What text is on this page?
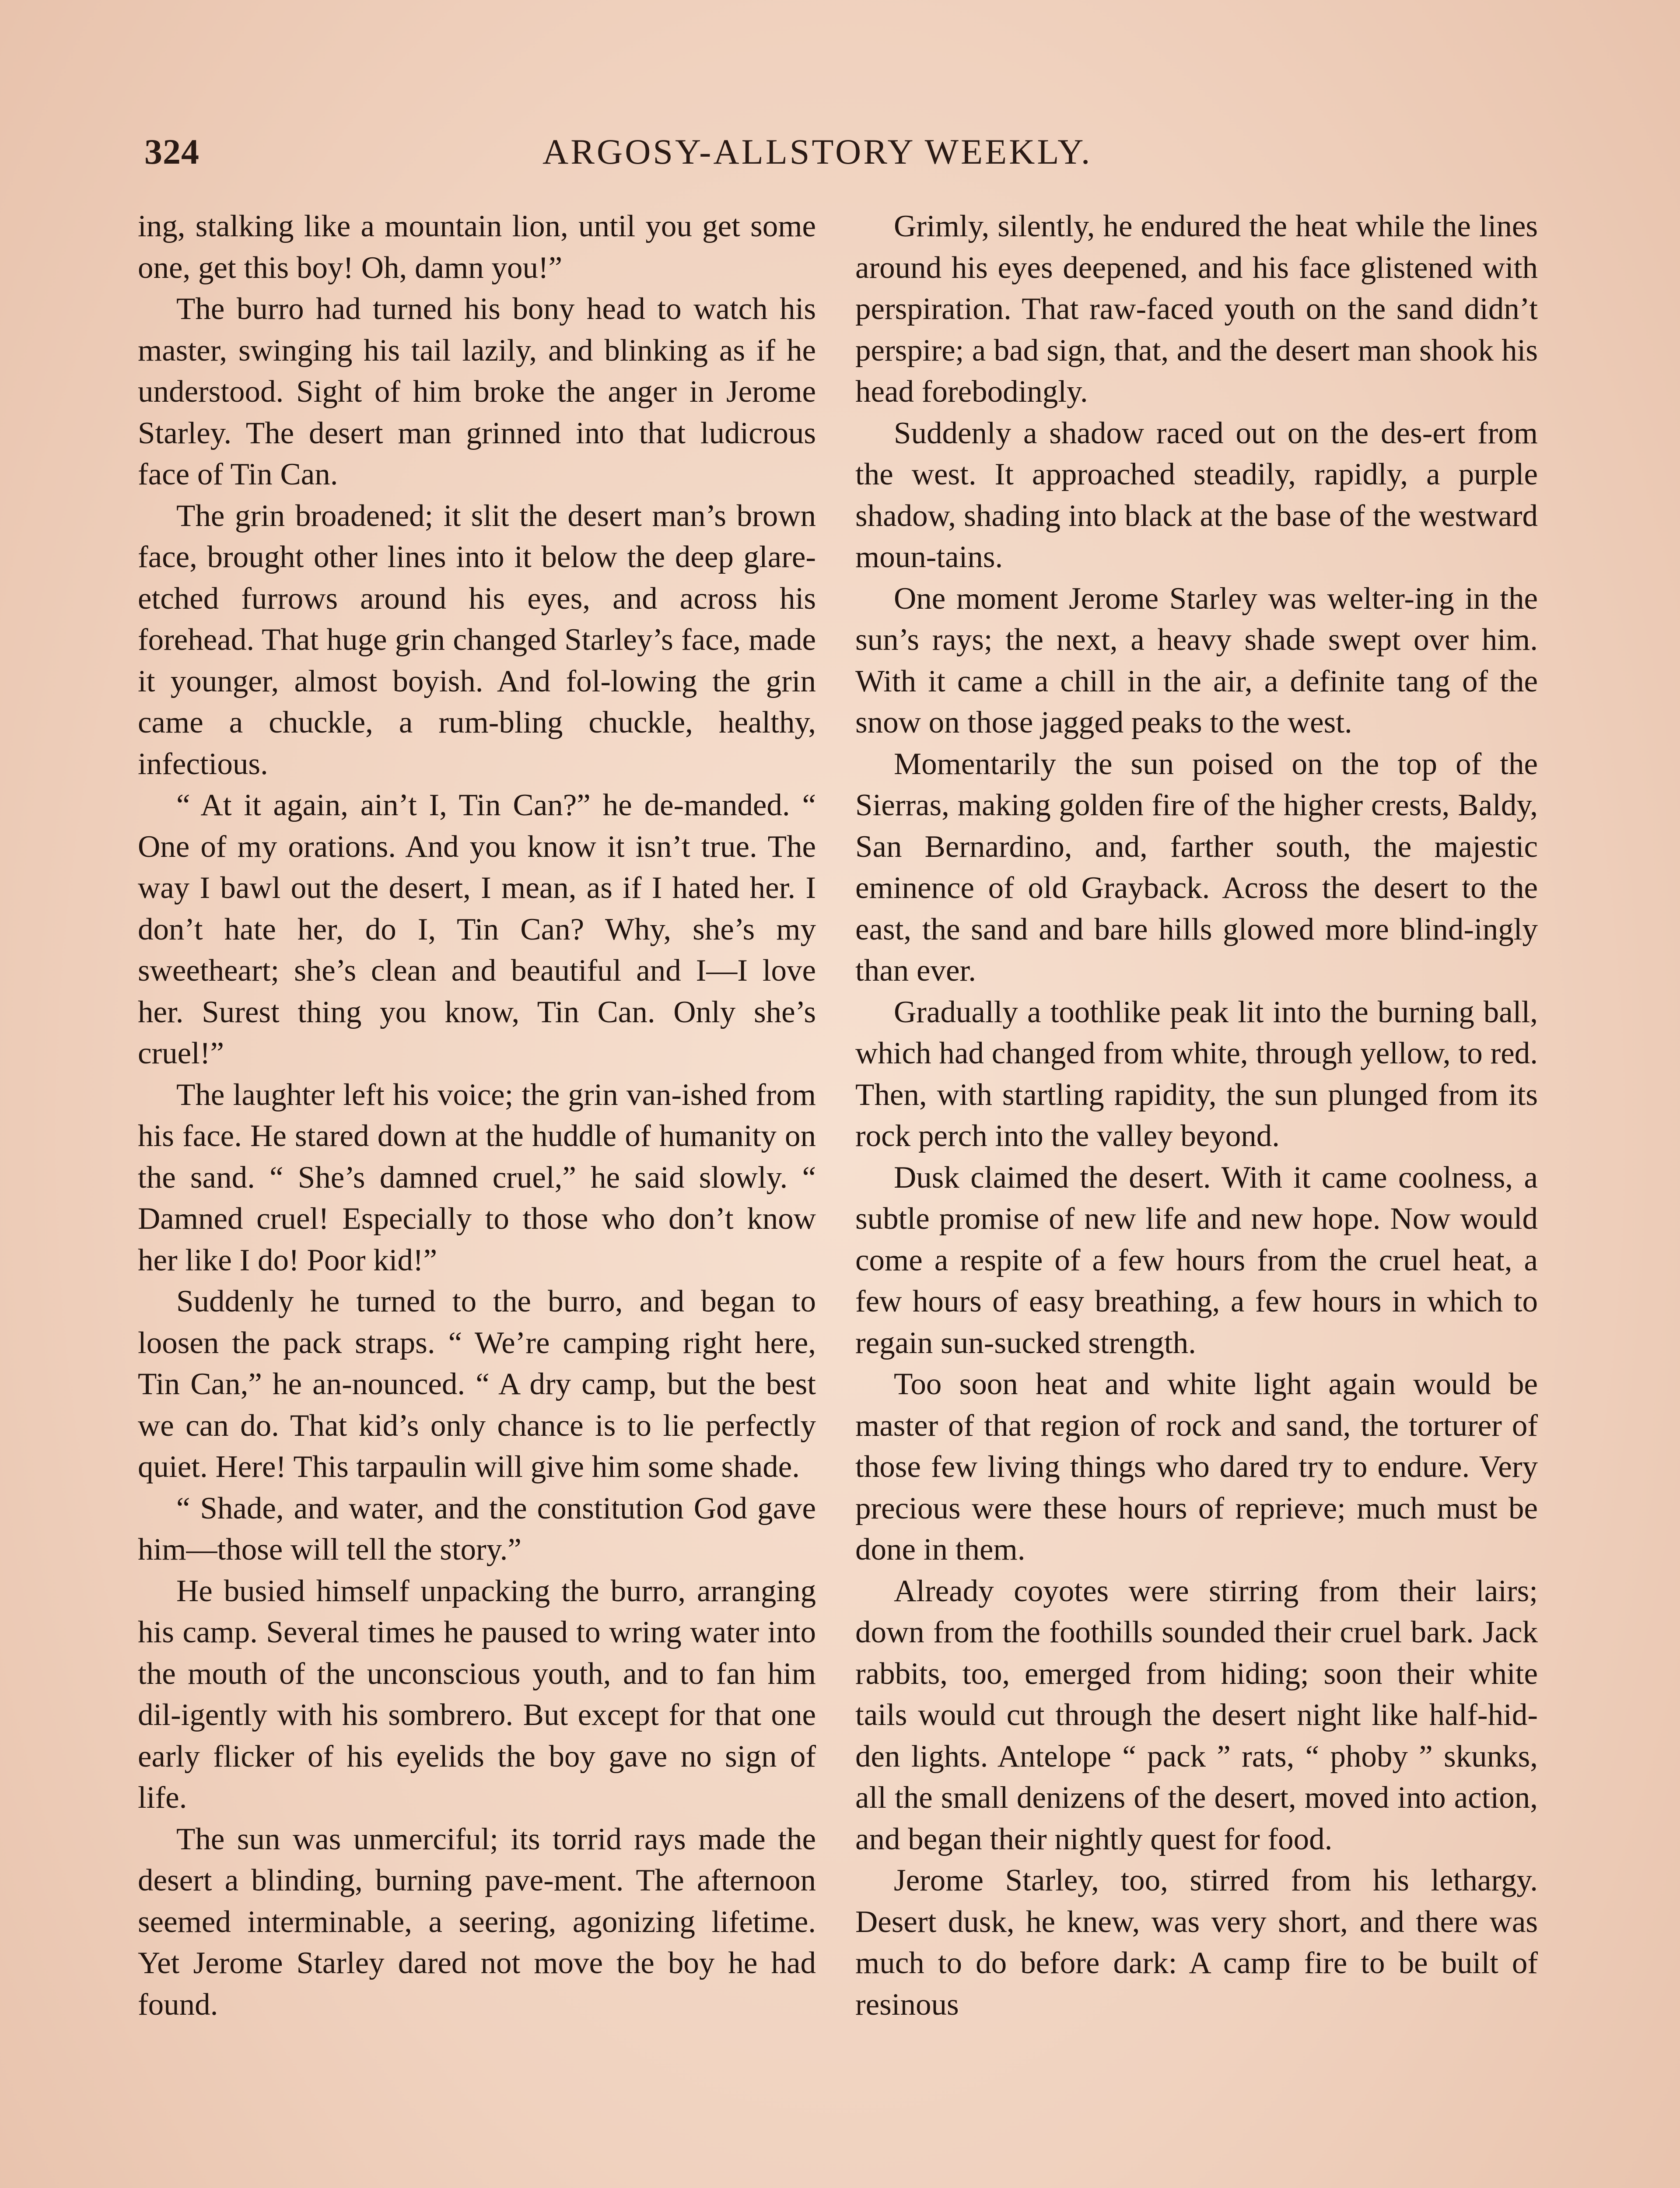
324	ARGOSY-ALLSTORY WEEKLY.

ing, stalking like a mountain lion, until you get some one, get this boy! Oh, damn you!”

The burro had turned his bony head to watch his master, swinging his tail lazily, and blinking as if he understood. Sight of him broke the anger in Jerome Starley. The desert man grinned into that ludicrous face of Tin Can.

The grin broadened; it slit the desert man’s brown face, brought other lines into it below the deep glare-etched furrows around his eyes, and across his forehead. That huge grin changed Starley’s face, made it younger, almost boyish. And fol-lowing the grin came a chuckle, a rum-bling chuckle, healthy, infectious.

“ At it again, ain’t I, Tin Can?” he de-manded. “ One of my orations. And you know it isn’t true. The way I bawl out the desert, I mean, as if I hated her. I don’t hate her, do I, Tin Can? Why, she’s my sweetheart; she’s clean and beautiful and I—I love her. Surest thing you know, Tin Can. Only she’s cruel!”

The laughter left his voice; the grin van-ished from his face. He stared down at the huddle of humanity on the sand. “ She’s damned cruel,” he said slowly. “ Damned cruel! Especially to those who don’t know her like I do! Poor kid!”

Suddenly he turned to the burro, and began to loosen the pack straps. “ We’re camping right here, Tin Can,” he an-nounced. “ A dry camp, but the best we can do. That kid’s only chance is to lie perfectly quiet. Here! This tarpaulin will give him some shade.

“ Shade, and water, and the constitution God gave him—those will tell the story.”

He busied himself unpacking the burro, arranging his camp. Several times he paused to wring water into the mouth of the unconscious youth, and to fan him dil-igently with his sombrero. But except for that one early flicker of his eyelids the boy gave no sign of life.

The sun was unmerciful; its torrid rays made the desert a blinding, burning pave-ment. The afternoon seemed interminable, a seering, agonizing lifetime. Yet Jerome Starley dared not move the boy he had found.

Grimly, silently, he endured the heat while the lines around his eyes deepened, and his face glistened with perspiration. That raw-faced youth on the sand didn’t perspire; a bad sign, that, and the desert man shook his head forebodingly.

Suddenly a shadow raced out on the des-ert from the west. It approached steadily, rapidly, a purple shadow, shading into black at the base of the westward moun-tains.

One moment Jerome Starley was welter-ing in the sun’s rays; the next, a heavy shade swept over him. With it came a chill in the air, a definite tang of the snow on those jagged peaks to the west.

Momentarily the sun poised on the top of the Sierras, making golden fire of the higher crests, Baldy, San Bernardino, and, farther south, the majestic eminence of old Grayback. Across the desert to the east, the sand and bare hills glowed more blind-ingly than ever.

Gradually a toothlike peak lit into the burning ball, which had changed from white, through yellow, to red. Then, with startling rapidity, the sun plunged from its rock perch into the valley beyond.

Dusk claimed the desert. With it came coolness, a subtle promise of new life and new hope. Now would come a respite of a few hours from the cruel heat, a few hours of easy breathing, a few hours in which to regain sun-sucked strength.

Too soon heat and white light again would be master of that region of rock and sand, the torturer of those few living things who dared try to endure. Very precious were these hours of reprieve; much must be done in them.

Already coyotes were stirring from their lairs; down from the foothills sounded their cruel bark. Jack rabbits, too, emerged from hiding; soon their white tails would cut through the desert night like half-hid-den lights. Antelope “ pack ” rats, “ phoby ” skunks, all the small denizens of the desert, moved into action, and began their nightly quest for food.

Jerome Starley, too, stirred from his lethargy. Desert dusk, he knew, was very short, and there was much to do before dark: A camp fire to be built of resinous
